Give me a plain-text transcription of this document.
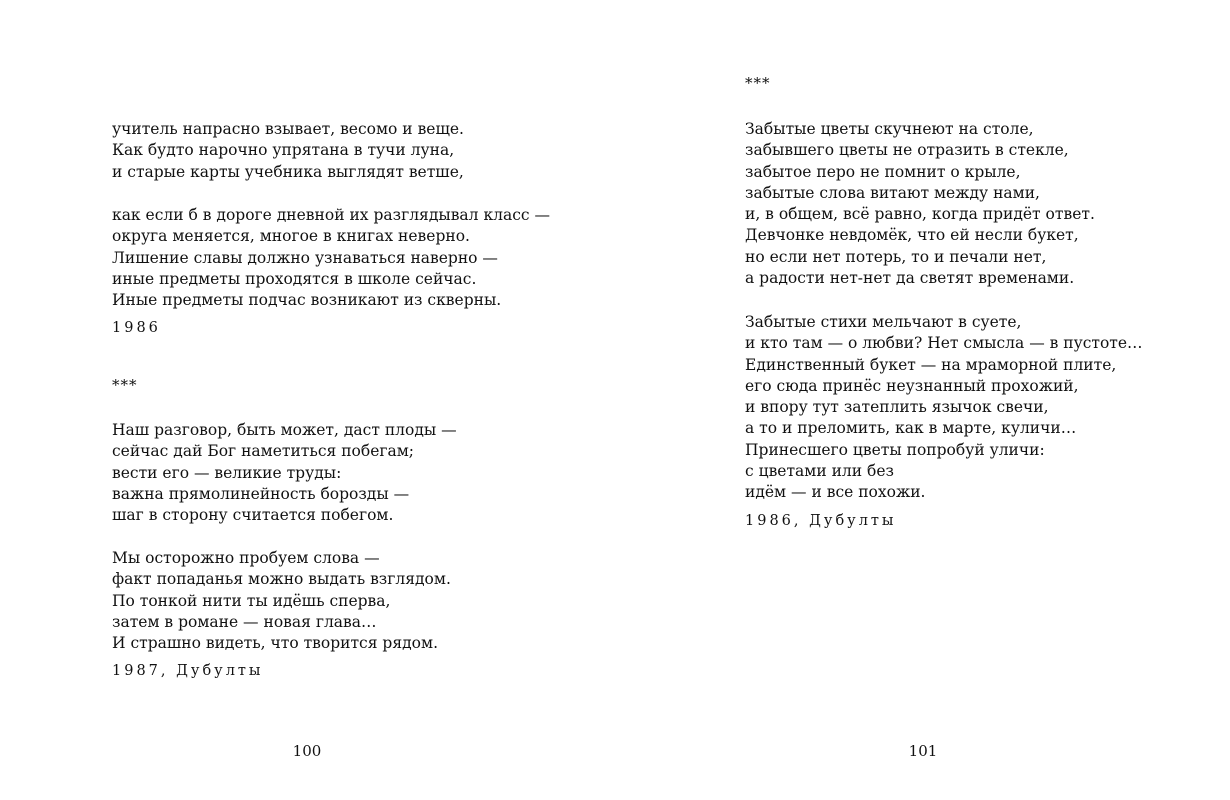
учитель напрасно взывает, весомо и веще.
Как будто нарочно упрятана в тучи луна,
и старые карты учебника выглядят ветше,
как если б в дороге дневной их разглядывал класс —
округа меняется, многое в книгах неверно.
Лишение славы должно узнаваться наверно —
иные предметы проходятся в школе сейчас.
Иные предметы подчас возникают из скверны.
1986
***
Наш разговор, быть может, даст плоды —
сейчас дай Бог наметиться побегам;
вести его — великие труды:
важна прямолинейность борозды —
шаг в сторону считается побегом.
Мы осторожно пробуем слова —
факт попаданья можно выдать взглядом.
По тонкой нити ты идёшь сперва,
затем в романе — новая глава…
И страшно видеть, что творится рядом.
1987, Дубулты
100
***
Забытые цветы скучнеют на столе,
забывшего цветы не отразить в стекле,
забытое перо не помнит о крыле,
забытые слова витают между нами,
и, в общем, всё равно, когда придёт ответ.
Девчонке невдомёк, что ей несли букет,
но если нет потерь, то и печали нет,
а радости нет-нет да светят временами.
Забытые стихи мельчают в суете,
и кто там — о любви? Нет смысла — в пустоте…
Единственный букет — на мраморной плите,
его сюда принёс неузнанный прохожий,
и впору тут затеплить язычок свечи,
а то и преломить, как в марте, куличи…
Принесшего цветы попробуй уличи:
с цветами или без
идём — и все похожи.
1986, Дубулты
101
